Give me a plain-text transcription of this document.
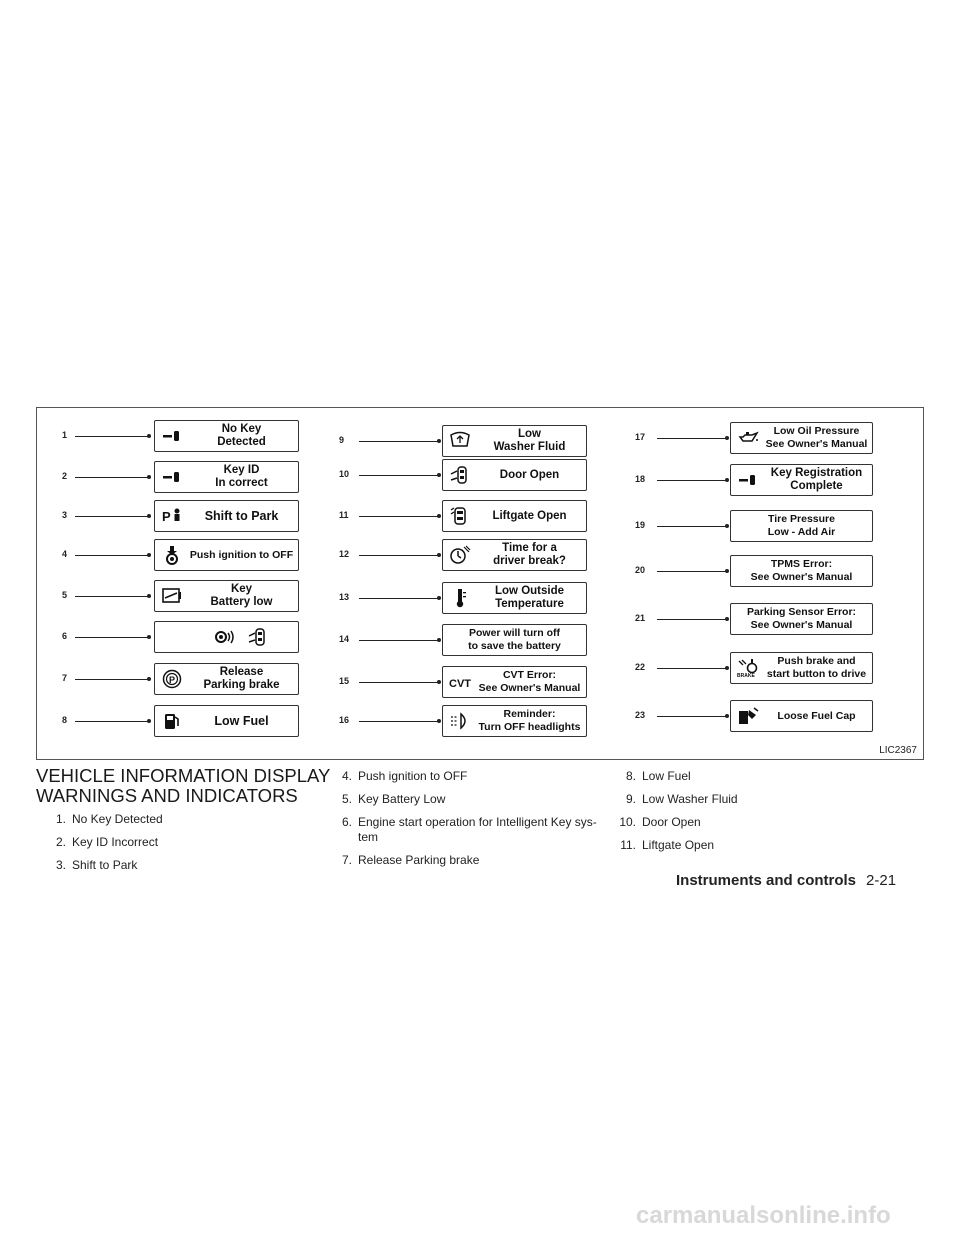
LIC2367
1	No Key
Detected
2	Key ID
In correct
3	P	Shift to Park
4	Push ignition to OFF
5	Key
Battery low
6
7	P
Release
Parking brake
8	Low Fuel
9	Low
Washer Fluid
10	Door Open
11	Liftgate Open
12	Time for a
driver break?
13	Low Outside
Temperature
14	Power will turn off
to save the battery
15	CVT
CVT Error:
See Owner's Manual
16	Reminder:
Turn OFF headlights
17	Low Oil Pressure
See Owner's Manual
18	Key Registration
Complete
19	Tire Pressure
Low - Add Air
20	TPMS Error:
See Owner's Manual
21	Parking Sensor Error:
See Owner's Manual
22
BRAKE
Push brake and
start button to drive
23	Loose Fuel Cap
VEHICLE INFORMATION DISPLAY
WARNINGS AND INDICATORS
1. No Key Detected
2. Key ID Incorrect
3. Shift to Park
4. Push ignition to OFF
5. Key Battery Low
6. Engine start operation for Intelligent Key sys-
tem
7. Release Parking brake
8. Low Fuel
9. Low Washer Fluid
10. Door Open
11. Liftgate Open
Instruments and controls 2-21
carmanualsonline.info
